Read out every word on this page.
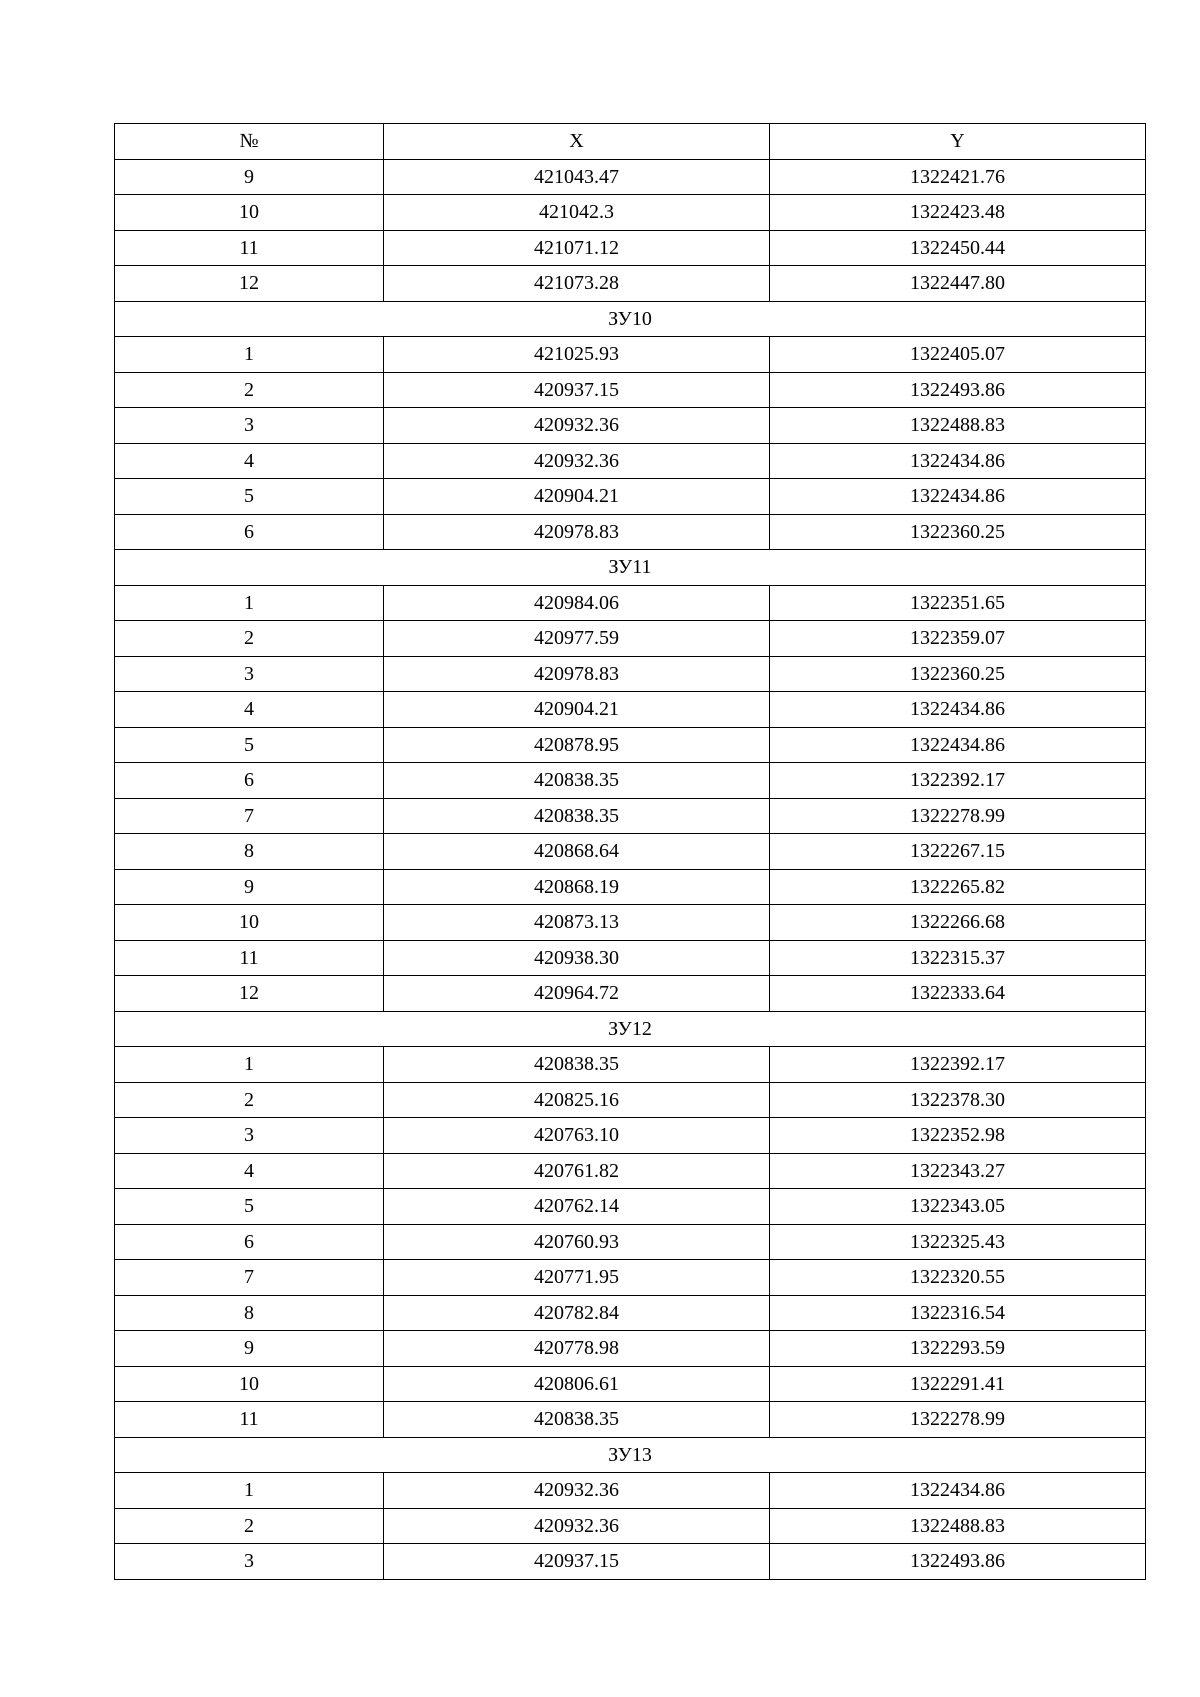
№	X	Y
9	421043.47	1322421.76
10	421042.3	1322423.48
11	421071.12	1322450.44
12	421073.28	1322447.80
ЗУ10		
1	421025.93	1322405.07
2	420937.15	1322493.86
3	420932.36	1322488.83
4	420932.36	1322434.86
5	420904.21	1322434.86
6	420978.83	1322360.25
ЗУ11		
1	420984.06	1322351.65
2	420977.59	1322359.07
3	420978.83	1322360.25
4	420904.21	1322434.86
5	420878.95	1322434.86
6	420838.35	1322392.17
7	420838.35	1322278.99
8	420868.64	1322267.15
9	420868.19	1322265.82
10	420873.13	1322266.68
11	420938.30	1322315.37
12	420964.72	1322333.64
ЗУ12		
1	420838.35	1322392.17
2	420825.16	1322378.30
3	420763.10	1322352.98
4	420761.82	1322343.27
5	420762.14	1322343.05
6	420760.93	1322325.43
7	420771.95	1322320.55
8	420782.84	1322316.54
9	420778.98	1322293.59
10	420806.61	1322291.41
11	420838.35	1322278.99
ЗУ13		
1	420932.36	1322434.86
2	420932.36	1322488.83
3	420937.15	1322493.86
